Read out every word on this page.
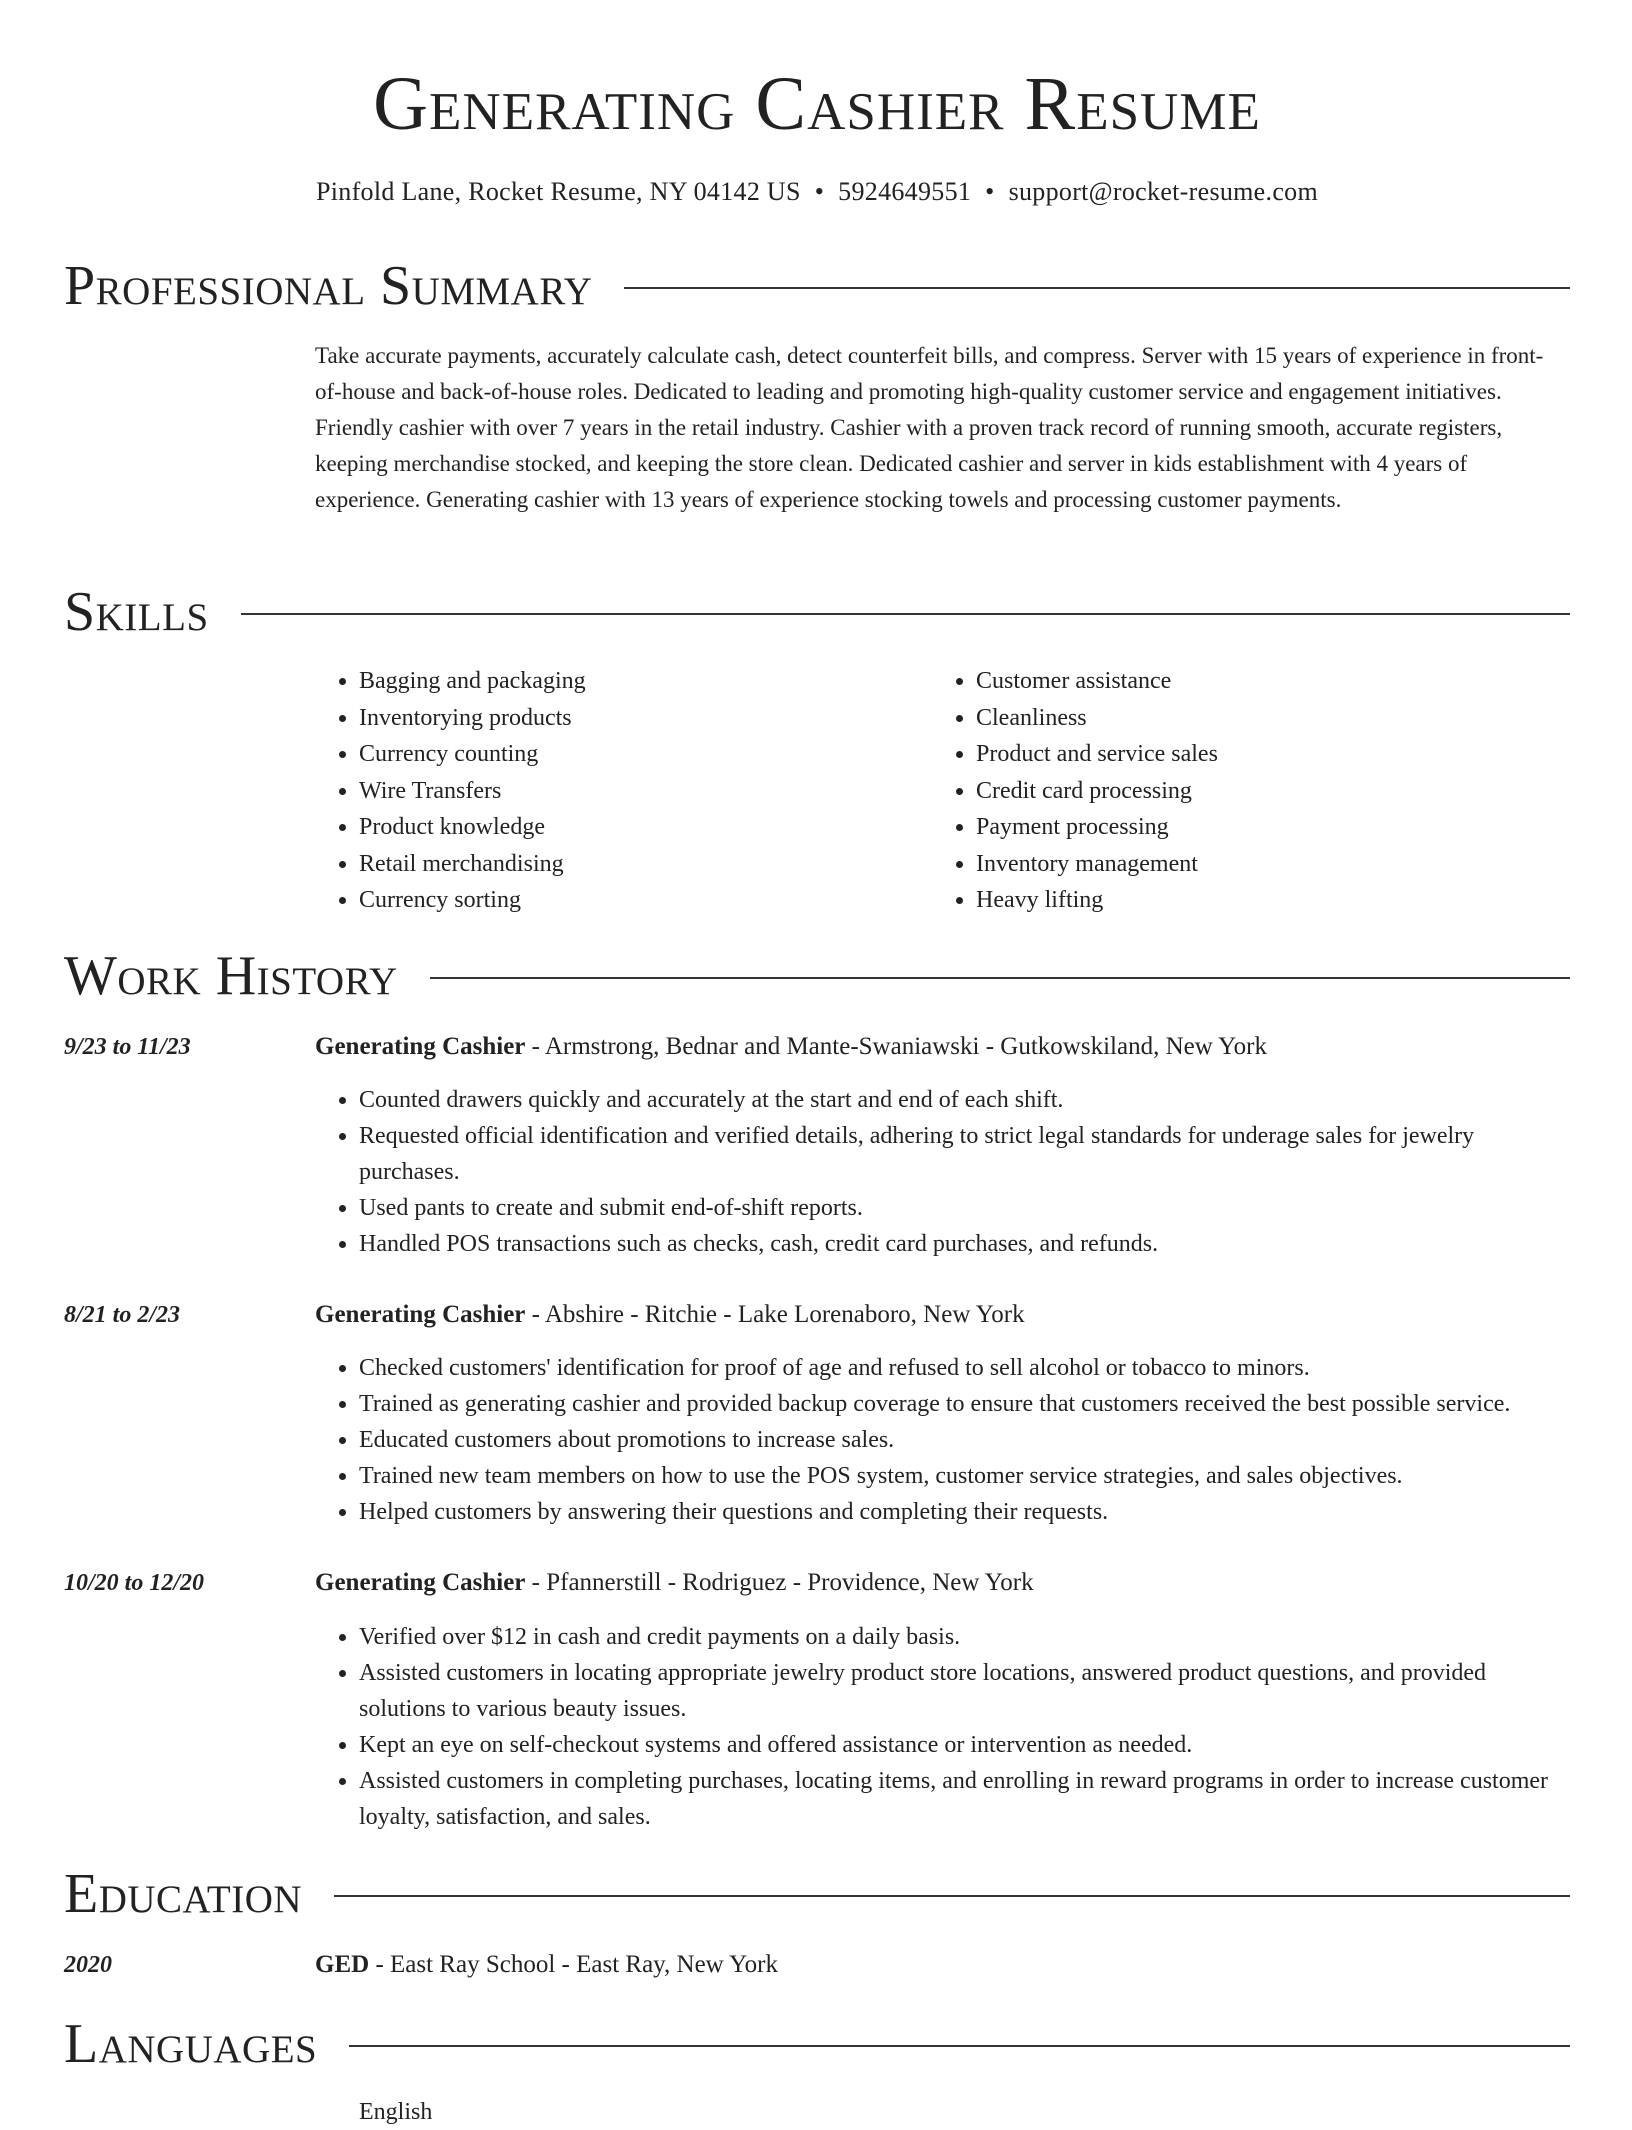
Generating Cashier Resume
Pinfold Lane, Rocket Resume, NY 04142 US • 5924649551 • support@rocket-resume.com
Professional Summary

Take accurate payments, accurately calculate cash, detect counterfeit bills, and compress. Server with 15 years of experience in front-of-house and back-of-house roles. Dedicated to leading and promoting high-quality customer service and engagement initiatives. Friendly cashier with over 7 years in the retail industry. Cashier with a proven track record of running smooth, accurate registers, keeping merchandise stocked, and keeping the store clean. Dedicated cashier and server in kids establishment with 4 years of experience. Generating cashier with 13 years of experience stocking towels and processing customer payments.

Skills
• Bagging and packaging
• Inventorying products
• Currency counting
• Wire Transfers
• Product knowledge
• Retail merchandising
• Currency sorting
• Customer assistance
• Cleanliness
• Product and service sales
• Credit card processing
• Payment processing
• Inventory management
• Heavy lifting
Work History
9/23 to 11/23	Generating Cashier - Armstrong, Bednar and Mante-Swaniawski - Gutkowskiland, New York
• Counted drawers quickly and accurately at the start and end of each shift.
• Requested official identification and verified details, adhering to strict legal standards for underage sales for jewelry purchases.
• Used pants to create and submit end-of-shift reports.
• Handled POS transactions such as checks, cash, credit card purchases, and refunds.
8/21 to 2/23	Generating Cashier - Abshire - Ritchie - Lake Lorenaboro, New York
• Checked customers' identification for proof of age and refused to sell alcohol or tobacco to minors.
• Trained as generating cashier and provided backup coverage to ensure that customers received the best possible service.
• Educated customers about promotions to increase sales.
• Trained new team members on how to use the POS system, customer service strategies, and sales objectives.
• Helped customers by answering their questions and completing their requests.
10/20 to 12/20	Generating Cashier - Pfannerstill - Rodriguez - Providence, New York
• Verified over $12 in cash and credit payments on a daily basis.
• Assisted customers in locating appropriate jewelry product store locations, answered product questions, and provided solutions to various beauty issues.
• Kept an eye on self-checkout systems and offered assistance or intervention as needed.
• Assisted customers in completing purchases, locating items, and enrolling in reward programs in order to increase customer loyalty, satisfaction, and sales.
Education
2020	GED - East Ray School - East Ray, New York
Languages
English
